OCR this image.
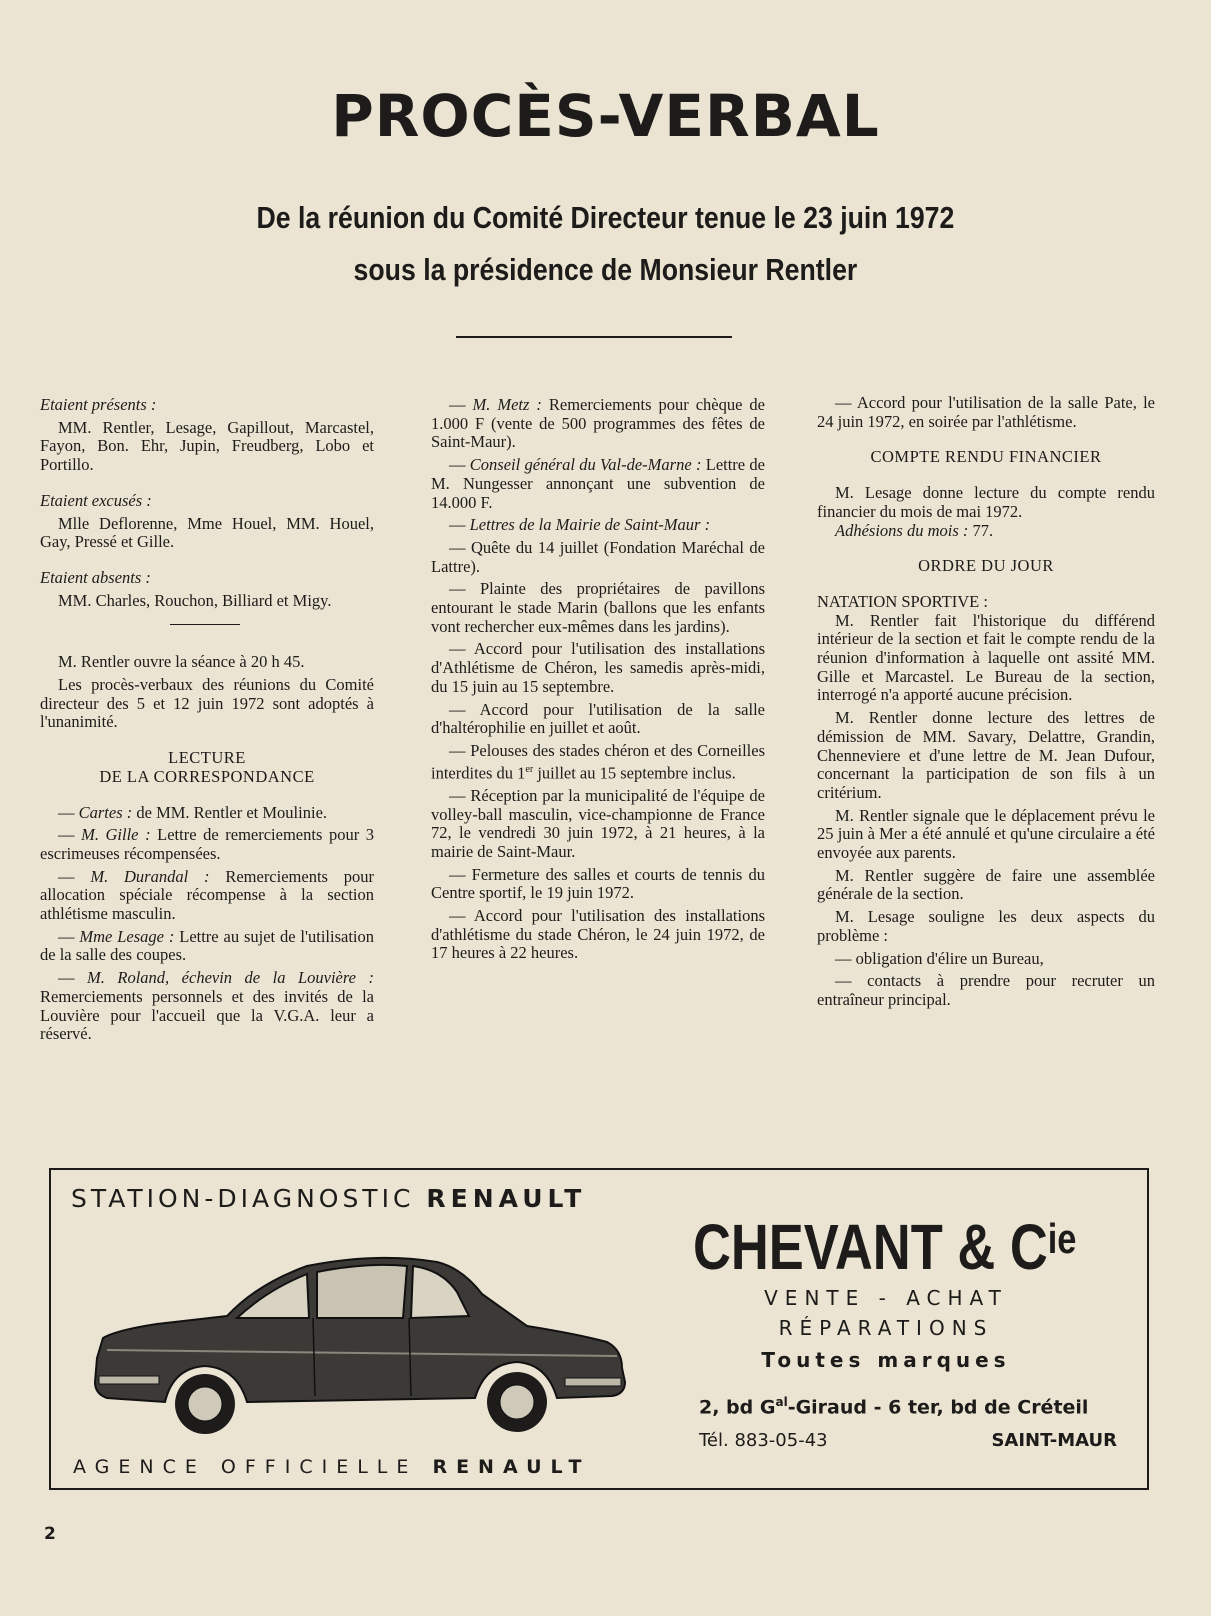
PROCÈS-VERBAL
De la réunion du Comité Directeur tenue le 23 juin 1972
sous la présidence de Monsieur Rentler

Etaient présents :

MM. Rentler, Lesage, Gapillout, Marcastel, Fayon, Bon. Ehr, Jupin, Freudberg, Lobo et Portillo.

Etaient excusés :

Mlle Deflorenne, Mme Houel, MM. Houel, Gay, Pressé et Gille.

Etaient absents :

MM. Charles, Rouchon, Billiard et Migy.

M. Rentler ouvre la séance à 20 h 45.

Les procès-verbaux des réunions du Comité directeur des 5 et 12 juin 1972 sont adoptés à l'unanimité.

LECTURE

DE LA CORRESPONDANCE

— Cartes : de MM. Rentler et Moulinie.

— M. Gille : Lettre de remerciements pour 3 escrimeuses récompensées.

— M. Durandal : Remerciements pour allocation spéciale récompense à la section athlétisme masculin.

— Mme Lesage : Lettre au sujet de l'utilisation de la salle des coupes.

— M. Roland, échevin de la Louvière : Remerciements personnels et des invités de la Louvière pour l'accueil que la V.G.A. leur a réservé.

— M. Metz : Remerciements pour chèque de 1.000 F (vente de 500 programmes des fêtes de Saint-Maur).

— Conseil général du Val-de-Marne : Lettre de M. Nungesser annonçant une subvention de 14.000 F.

— Lettres de la Mairie de Saint-Maur :

— Quête du 14 juillet (Fondation Maréchal de Lattre).

— Plainte des propriétaires de pavillons entourant le stade Marin (ballons que les enfants vont rechercher eux-mêmes dans les jardins).

— Accord pour l'utilisation des installations d'Athlétisme de Chéron, les samedis après-midi, du 15 juin au 15 septembre.

— Accord pour l'utilisation de la salle d'haltérophilie en juillet et août.

— Pelouses des stades chéron et des Corneilles interdites du 1er juillet au 15 septembre inclus.

— Réception par la municipalité de l'équipe de volley-ball masculin, vice-championne de France 72, le vendredi 30 juin 1972, à 21 heures, à la mairie de Saint-Maur.

— Fermeture des salles et courts de tennis du Centre sportif, le 19 juin 1972.

— Accord pour l'utilisation des installations d'athlétisme du stade Chéron, le 24 juin 1972, de 17 heures à 22 heures.

— Accord pour l'utilisation de la salle Pate, le 24 juin 1972, en soirée par l'athlétisme.

COMPTE RENDU FINANCIER

M. Lesage donne lecture du compte rendu financier du mois de mai 1972.

Adhésions du mois : 77.

ORDRE DU JOUR

NATATION SPORTIVE :

M. Rentler fait l'historique du différend intérieur de la section et fait le compte rendu de la réunion d'information à laquelle ont assité MM. Gille et Marcastel. Le Bureau de la section, interrogé n'a apporté aucune précision.

M. Rentler donne lecture des lettres de démission de MM. Savary, Delattre, Grandin, Chenneviere et d'une lettre de M. Jean Dufour, concernant la participation de son fils à un critérium.

M. Rentler signale que le déplacement prévu le 25 juin à Mer a été annulé et qu'une circulaire a été envoyée aux parents.

M. Rentler suggère de faire une assemblée générale de la section.

M. Lesage souligne les deux aspects du problème :

— obligation d'élire un Bureau,

— contacts à prendre pour recruter un entraîneur principal.

STATION-DIAGNOSTIC RENAULT
AGENCE OFFICIELLE RENAULT
CHEVANT & $C^{ie}$
VENTE - ACHAT
RÉPARATIONS
Toutes marques
2, bd $G^{al}$-Giraud - 6 ter, bd de Créteil
Tél. 883-05-43	SAINT-MAUR
2
